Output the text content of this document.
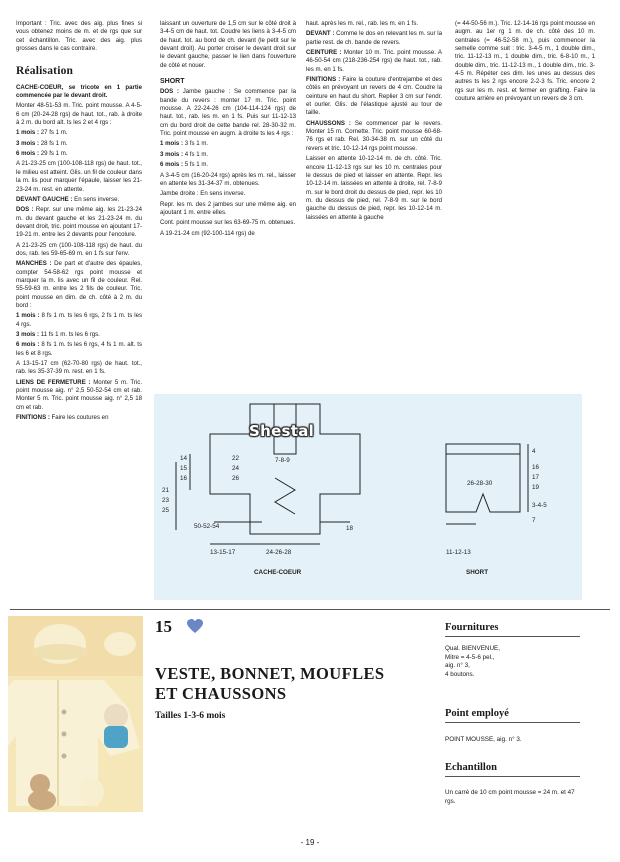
Important : Tric. avec des aig. plus fines si vous obtenez moins de m. et de rgs que sur cet échantillon. Tric. avec des aig. plus grosses dans le cas contraire.

Réalisation

CACHE-COEUR, se tricote en 1 partie commencée par le devant droit.

Monter 48-51-53 m. Tric. point mousse. A 4-5-6 cm (20-24-28 rgs) de haut. tot., rab. à droite à 2 m. du bord alt. ts les 2 et 4 rgs :

1 mois : 27 fs 1 m.

3 mois : 28 fs 1 m.

6 mois : 29 fs 1 m.

A 21-23-25 cm (100-108-118 rgs) de haut. tot., le milieu est atteint. Glis. un fil de couleur dans la m. lis pour marquer l'épaule, laisser les 21-23-24 m. rest. en attente.

DEVANT GAUCHE : En sens inverse.

DOS : Repr. sur une même aig. les 21-23-24 m. du devant gauche et les 21-23-24 m. du devant droit, tric. point mousse en ajoutant 17-19-21 m. entre les 2 devants pour l'encolure.

A 21-23-25 cm (100-108-118 rgs) de haut. du dos, rab. les 59-65-69 m. en 1 fs sur l'env.

MANCHES : De part et d'autre des épaules, compter 54-58-62 rgs point mousse et marquer la m. lis avec un fil de couleur. Rel. 55-59-63 m. entre les 2 fils de couleur. Tric. point mousse en dim. de ch. côté à 2 m. du bord :

1 mois : 8 fs 1 m. ts les 6 rgs, 2 fs 1 m. ts les 4 rgs.

3 mois : 11 fs 1 m. ts les 6 rgs.

6 mois : 8 fs 1 m. ts les 6 rgs, 4 fs 1 m. alt. ts les 6 et 8 rgs.

A 13-15-17 cm (62-70-80 rgs) de haut. tot., rab. les 35-37-39 m. rest. en 1 fs.

LIENS DE FERMETURE : Monter 5 m. Tric. point mousse aig. n° 2,5 50-52-54 cm et rab. Monter 5 m. Tric. point mousse aig. n° 2,5 18 cm et rab.

FINITIONS : Faire les coutures en

laissant un ouverture de 1,5 cm sur le côté droit à 3-4-5 cm de haut. tot. Coudre les liens à 3-4-5 cm de haut. tot. au bord de ch. devant (le petit sur le devant droit). Au porter croiser le devant droit sur le devant gauche, passer le lien dans l'ouverture de côté et nouer.

SHORT

DOS : Jambe gauche : Se commence par la bande du revers : monter 17 m. Tric. point mousse. A 22-24-26 cm (104-114-124 rgs) de haut. tot., rab. les m. en 1 fs. Puis sur 11-12-13 cm du bord droit de cette bande rel. 28-30-32 m. Tric. point mousse en augm. à droite ts les 4 rgs :

1 mois : 3 fs 1 m.

3 mois : 4 fs 1 m.

6 mois : 5 fs 1 m.

A 3-4-5 cm (16-20-24 rgs) après les m. rel., laisser en attente les 31-34-37 m. obtenues.

Jambe droite : En sens inverse.

Repr. les m. des 2 jambes sur une même aig. en ajoutant 1 m. entre elles.

Cont. point mousse sur les 63-69-75 m. obtenues.

A 19-21-24 cm (92-100-114 rgs) de

haut. après les m. rel., rab. les m. en 1 fs.

DEVANT : Comme le dos en relevant les m. sur la partie rest. de ch. bande de revers.

CEINTURE : Monter 10 m. Tric. point mousse. A 46-50-54 cm (218-236-254 rgs) de haut. tot., rab. les m. en 1 fs.

FINITIONS : Faire la couture d'entrejambe et des côtés en prévoyant un revers de 4 cm. Coudre la ceinture en haut du short. Replier 3 cm sur l'endr. et ourler. Glis. de l'élastique ajusté au tour de taille.

CHAUSSONS : Se commencer par le revers. Monter 15 m. Cornette. Tric. point mousse 60-68-76 rgs et rab. Rel. 30-34-38 m. sur un côté du revers et tric. 10-12-14 rgs point mousse.

Laisser en attente 10-12-14 m. de ch. côté. Tric. encore 11-12-13 rgs sur les 10 m. centrales pour le dessus de pied et laisser en attente. Repr. les 10-12-14 m. laissées en attente à droite, rel. 7-8-9 m. sur le bord droit du dessus de pied, repr. les 10 m. du dessus de pied, rel. 7-8-9 m. sur le bord gauche du dessus de pied, repr. les 10-12-14 m. laissées en attente à gauche

(= 44-50-56 m.). Tric. 12-14-16 rgs point mousse en augm. au 1er rg 1 m. de ch. côté des 10 m. centrales (= 46-52-58 m.), puis commencer la semelle comme suit : tric. 3-4-5 m., 1 double dim., tric. 11-12-13 m., 1 double dim., tric. 6-8-10 m., 1 double dim., tric. 11-12-13 m., 1 double dim., tric. 3-4-5 m. Répéter ces dim. les unes au dessus des autres ts les 2 rgs encore 2-2-3 fs. Tric. encore 2 rgs sur les m. rest. et fermer en grafting. Faire la couture arrière en prévoyant un revers de 3 cm.

14
15
16
21
23
25
22
24
26
7-8-9
50-52-54	18
13-15-17	24-26-28
CACHE-COEUR
26-28-30
4
16
17
19
3-4-5
7
11-12-13
SHORT
Shestal
15
VESTE, BONNET, MOUFLES
ET CHAUSSONS
Tailles 1-3-6 mois
Fournitures
Qual. BIENVENUE,
Mitre = 4-5-6 pel.,
aig. n° 3,
4 boutons.
Point employé
POINT MOUSSE, aig. n° 3.
Echantillon
Un carré de 10 cm point mousse = 24 m. et 47 rgs.
- 19 -
